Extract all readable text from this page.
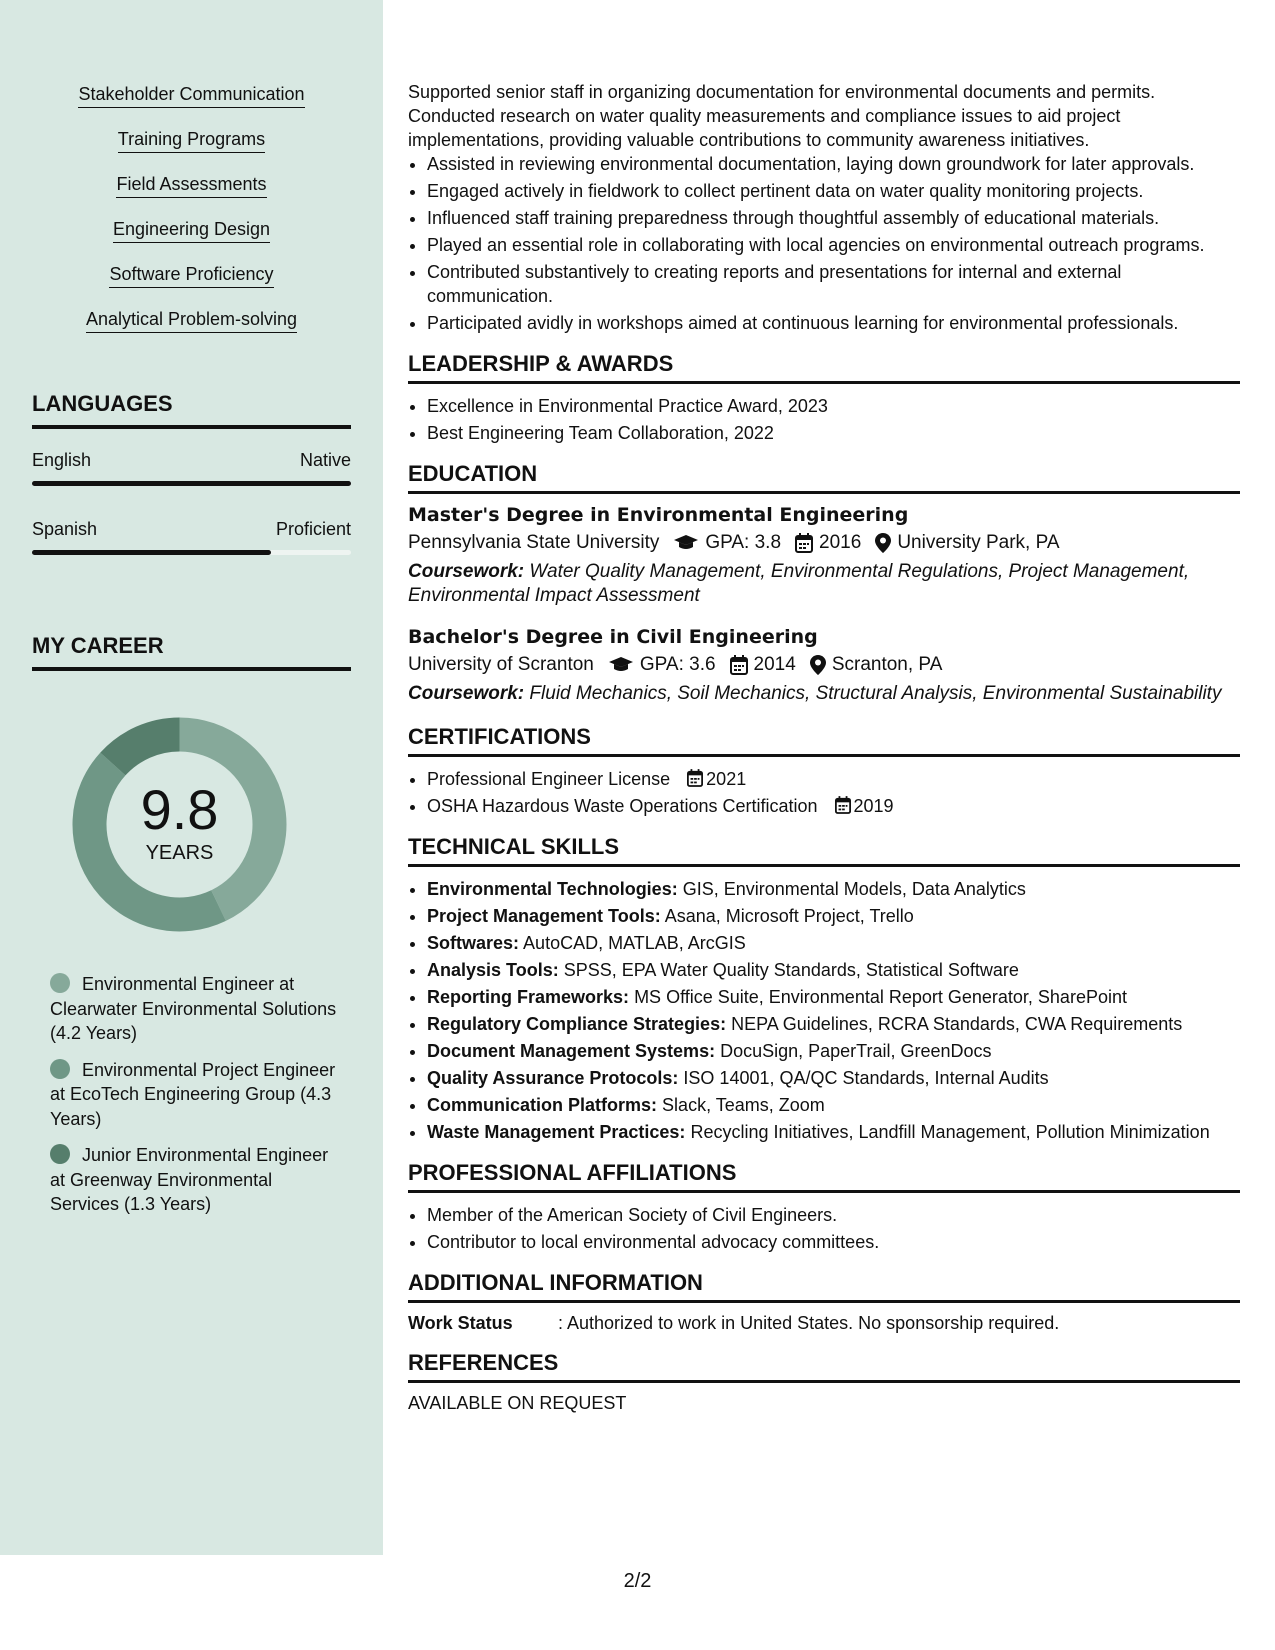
Stakeholder Communication
Training Programs
Field Assessments
Engineering Design
Software Proficiency
Analytical Problem-solving
LANGUAGES
English	Native
Spanish	Proficient
MY CAREER
9.8
YEARS
Environmental Engineer at Clearwater Environmental Solutions (4.2 Years)
Environmental Project Engineer at EcoTech Engineering Group (4.3 Years)
Junior Environmental Engineer at Greenway Environmental Services (1.3 Years)
Supported senior staff in organizing documentation for environmental documents and permits. Conducted research on water quality measurements and compliance issues to aid project implementations, providing valuable contributions to community awareness initiatives.
• Assisted in reviewing environmental documentation, laying down groundwork for later approvals.
• Engaged actively in fieldwork to collect pertinent data on water quality monitoring projects.
• Influenced staff training preparedness through thoughtful assembly of educational materials.
• Played an essential role in collaborating with local agencies on environmental outreach programs.
• Contributed substantively to creating reports and presentations for internal and external communication.
• Participated avidly in workshops aimed at continuous learning for environmental professionals.
LEADERSHIP & AWARDS
• Excellence in Environmental Practice Award, 2023
• Best Engineering Team Collaboration, 2022
EDUCATION
Master's Degree in Environmental Engineering
Pennsylvania State University GPA: 3.8 2016 University Park, PA
Coursework: Water Quality Management, Environmental Regulations, Project Management, Environmental Impact Assessment
Bachelor's Degree in Civil Engineering
University of Scranton GPA: 3.6 2014 Scranton, PA
Coursework: Fluid Mechanics, Soil Mechanics, Structural Analysis, Environmental Sustainability
CERTIFICATIONS
• Professional Engineer License 2021
• OSHA Hazardous Waste Operations Certification 2019
TECHNICAL SKILLS
• Environmental Technologies: GIS, Environmental Models, Data Analytics
• Project Management Tools: Asana, Microsoft Project, Trello
• Softwares: AutoCAD, MATLAB, ArcGIS
• Analysis Tools: SPSS, EPA Water Quality Standards, Statistical Software
• Reporting Frameworks: MS Office Suite, Environmental Report Generator, SharePoint
• Regulatory Compliance Strategies: NEPA Guidelines, RCRA Standards, CWA Requirements
• Document Management Systems: DocuSign, PaperTrail, GreenDocs
• Quality Assurance Protocols: ISO 14001, QA/QC Standards, Internal Audits
• Communication Platforms: Slack, Teams, Zoom
• Waste Management Practices: Recycling Initiatives, Landfill Management, Pollution Minimization
PROFESSIONAL AFFILIATIONS
• Member of the American Society of Civil Engineers.
• Contributor to local environmental advocacy committees.
ADDITIONAL INFORMATION
Work Status	: Authorized to work in United States. No sponsorship required.
REFERENCES
AVAILABLE ON REQUEST
2/2
